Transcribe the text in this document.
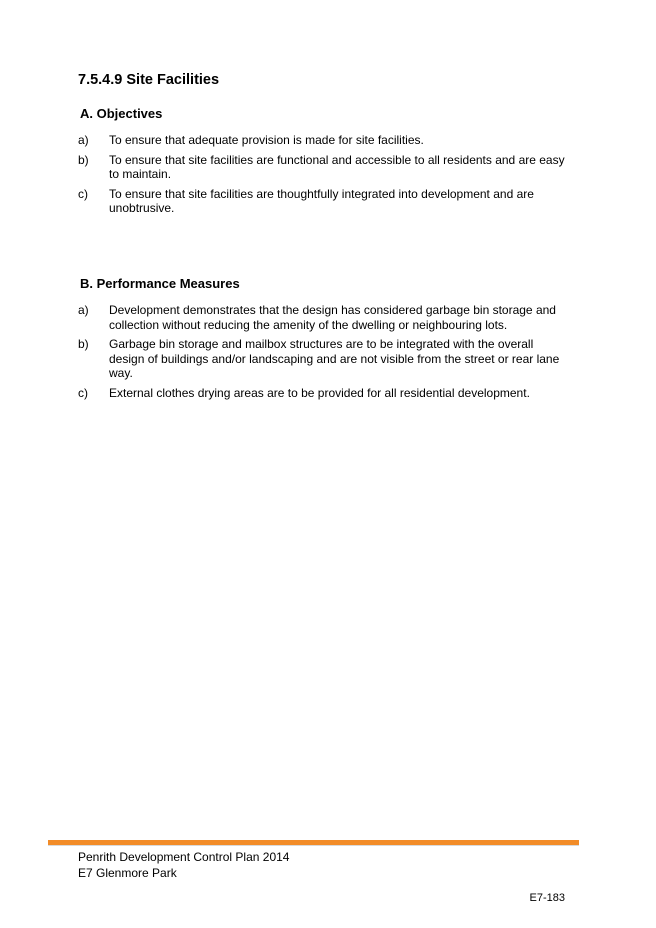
7.5.4.9 Site Facilities
A. Objectives
a)	To ensure that adequate provision is made for site facilities.
b)	To ensure that site facilities are functional and accessible to all residents and are easy to maintain.
c)	To ensure that site facilities are thoughtfully integrated into development and are unobtrusive.
B. Performance Measures
a)	Development demonstrates that the design has considered garbage bin storage and collection without reducing the amenity of the dwelling or neighbouring lots.
b)	Garbage bin storage and mailbox structures are to be integrated with the overall design of buildings and/or landscaping and are not visible from the street or rear lane way.
c)	External clothes drying areas are to be provided for all residential development.
Penrith Development Control Plan 2014
E7 Glenmore Park
E7-183
